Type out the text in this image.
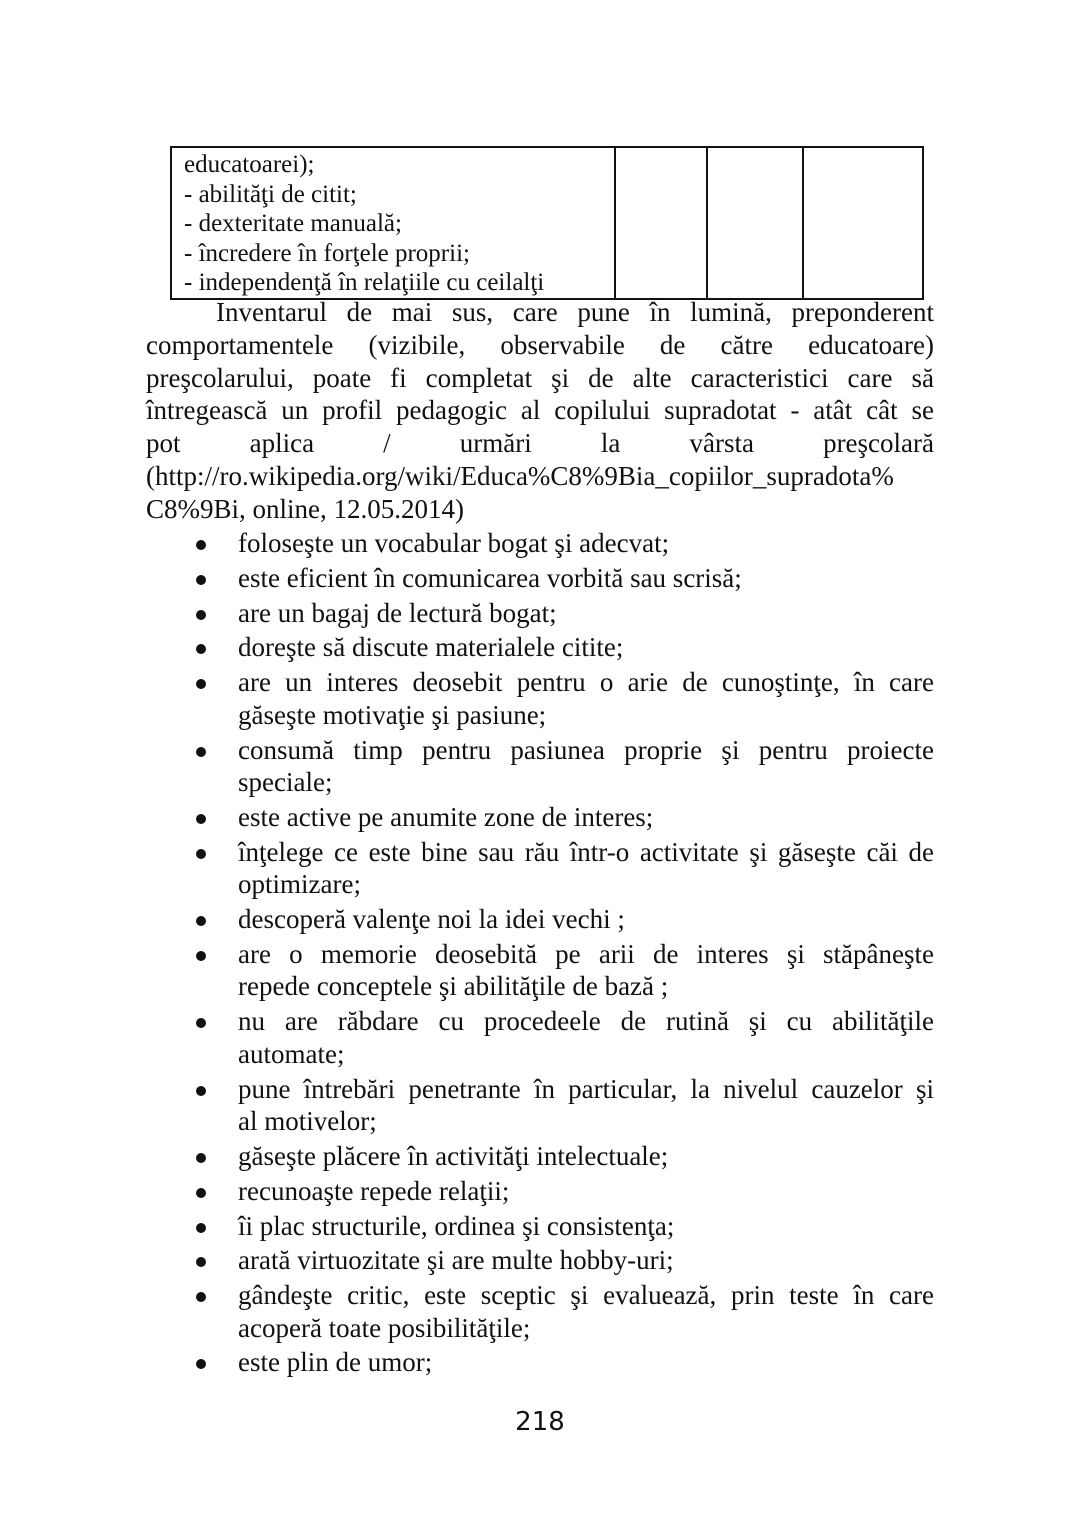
educatoarei);
- abilităţi de citit;
- dexteritate manuală;
- încredere în forţele proprii;
- independenţă în relaţiile cu ceilalţi

Inventarul de mai sus, care pune în lumină, preponderent
comportamentele (vizibile, observabile de către educatoare)
preşcolarului, poate fi completat şi de alte caracteristici care să
întregească un profil pedagogic al copilului supradotat - atât cât se
pot aplica / urmări la vârsta preşcolară
(http://ro.wikipedia.org/wiki/Educa%C8%9Bia_copiilor_supradota%
C8%9Bi, online, 12.05.2014)
foloseşte un vocabular bogat şi adecvat;
este eficient în comunicarea vorbită sau scrisă;
are un bagaj de lectură bogat;
doreşte să discute materialele citite;
are un interes deosebit pentru o arie de cunoştinţe, în care
găseşte motivaţie şi pasiune;
consumă timp pentru pasiunea proprie şi pentru proiecte
speciale;
este active pe anumite zone de interes;
înţelege ce este bine sau rău într-o activitate şi găseşte căi de
optimizare;
descoperă valenţe noi la idei vechi ;
are o memorie deosebită pe arii de interes şi stăpâneşte
repede conceptele şi abilităţile de bază ;
nu are răbdare cu procedeele de rutină şi cu abilităţile
automate;
pune întrebări penetrante în particular, la nivelul cauzelor şi
al motivelor;
găseşte plăcere în activităţi intelectuale;
recunoaşte repede relaţii;
îi plac structurile, ordinea şi consistenţa;
arată virtuozitate şi are multe hobby-uri;
gândeşte critic, este sceptic şi evaluează, prin teste în care
acoperă toate posibilităţile;
este plin de umor;
218
